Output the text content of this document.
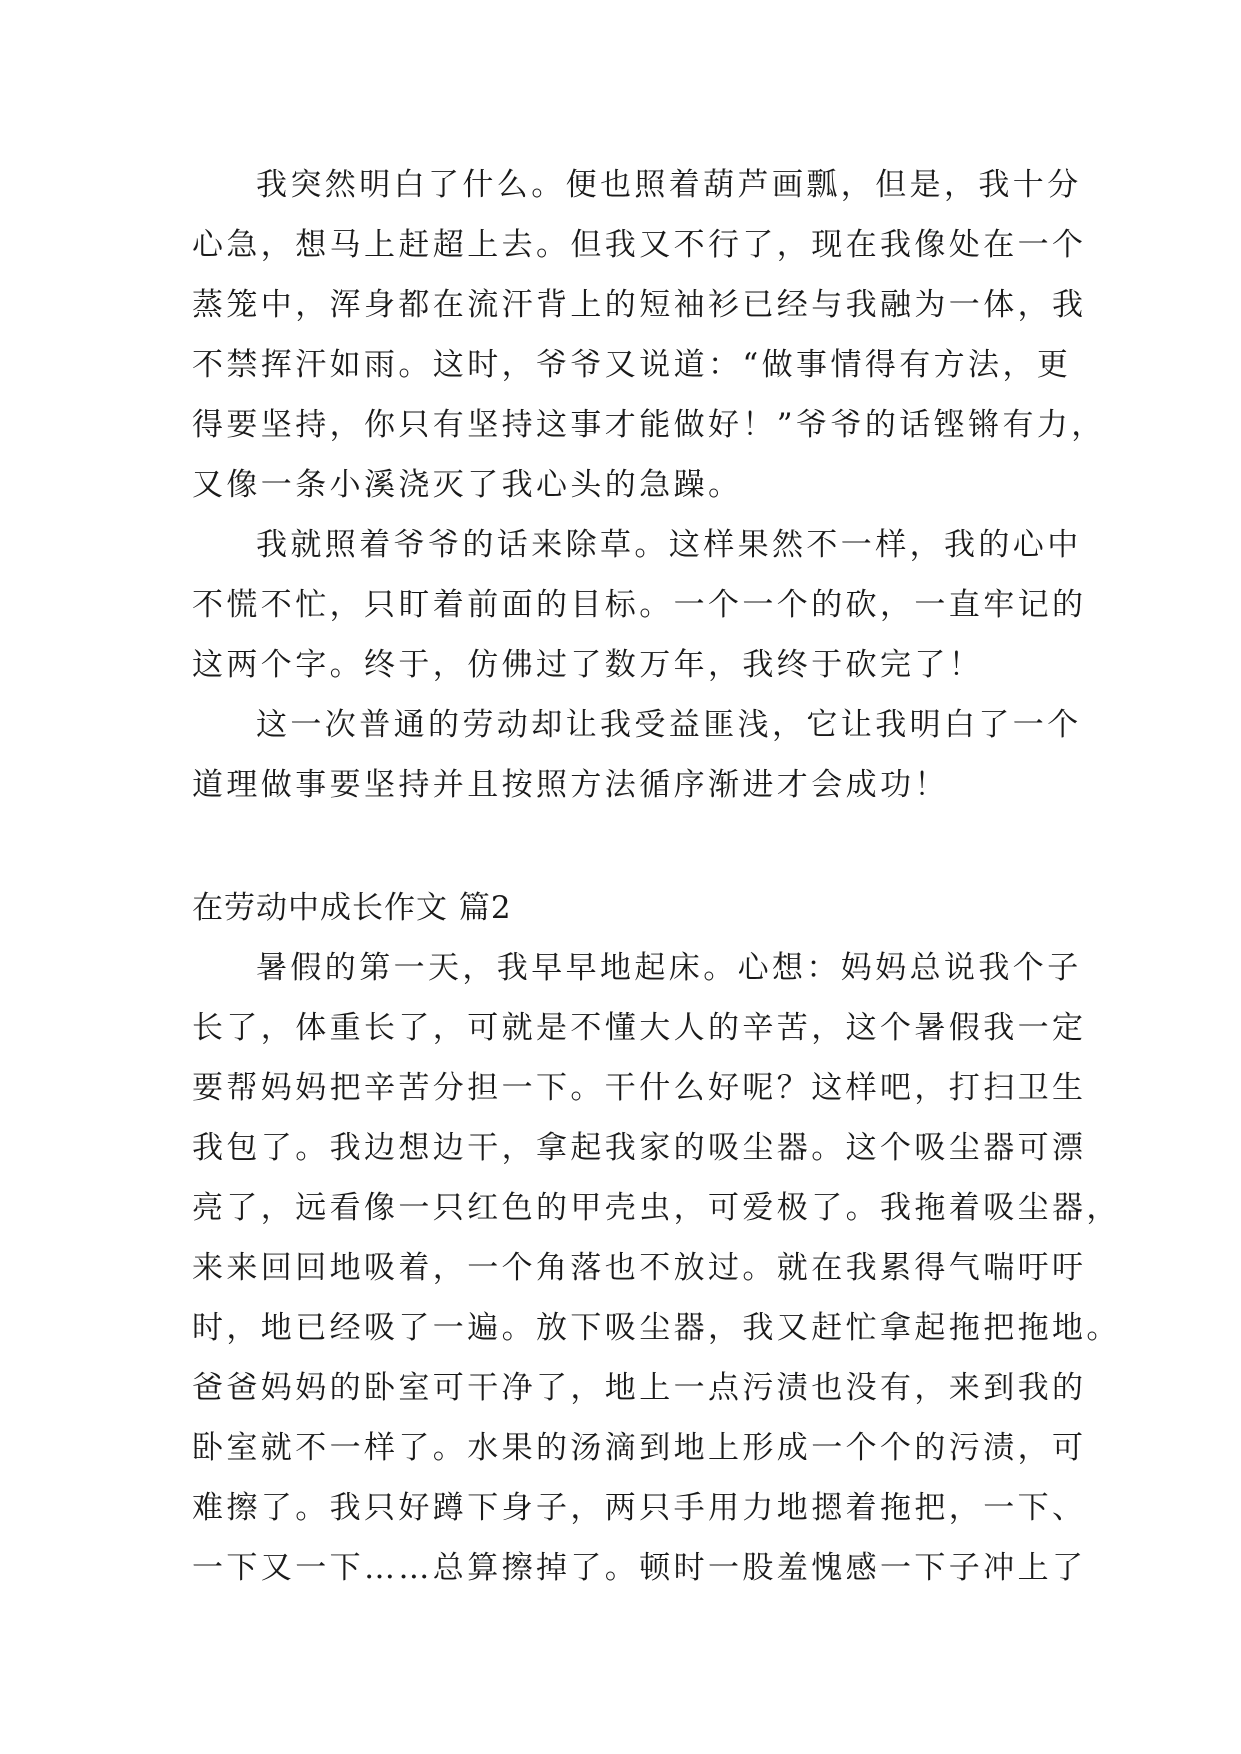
我突然明白了什么。便也照着葫芦画瓢，但是，我十分
心急，想马上赶超上去。但我又不行了，现在我像处在一个
蒸笼中，浑身都在流汗背上的短袖衫已经与我融为一体，我
不禁挥汗如雨。这时，爷爷又说道：“做事情得有方法，更
得要坚持，你只有坚持这事才能做好！”爷爷的话铿锵有力，
又像一条小溪浇灭了我心头的急躁。
我就照着爷爷的话来除草。这样果然不一样，我的心中
不慌不忙，只盯着前面的目标。一个一个的砍，一直牢记的
这两个字。终于，仿佛过了数万年，我终于砍完了！
这一次普通的劳动却让我受益匪浅，它让我明白了一个
道理做事要坚持并且按照方法循序渐进才会成功！
在劳动中成长作文 篇2
暑假的第一天，我早早地起床。心想：妈妈总说我个子
长了，体重长了，可就是不懂大人的辛苦，这个暑假我一定
要帮妈妈把辛苦分担一下。干什么好呢？这样吧，打扫卫生
我包了。我边想边干，拿起我家的吸尘器。这个吸尘器可漂
亮了，远看像一只红色的甲壳虫，可爱极了。我拖着吸尘器，
来来回回地吸着，一个角落也不放过。就在我累得气喘吁吁
时，地已经吸了一遍。放下吸尘器，我又赶忙拿起拖把拖地。
爸爸妈妈的卧室可干净了，地上一点污渍也没有，来到我的
卧室就不一样了。水果的汤滴到地上形成一个个的污渍，可
难擦了。我只好蹲下身子，两只手用力地摁着拖把，一下、
一下又一下……总算擦掉了。顿时一股羞愧感一下子冲上了
